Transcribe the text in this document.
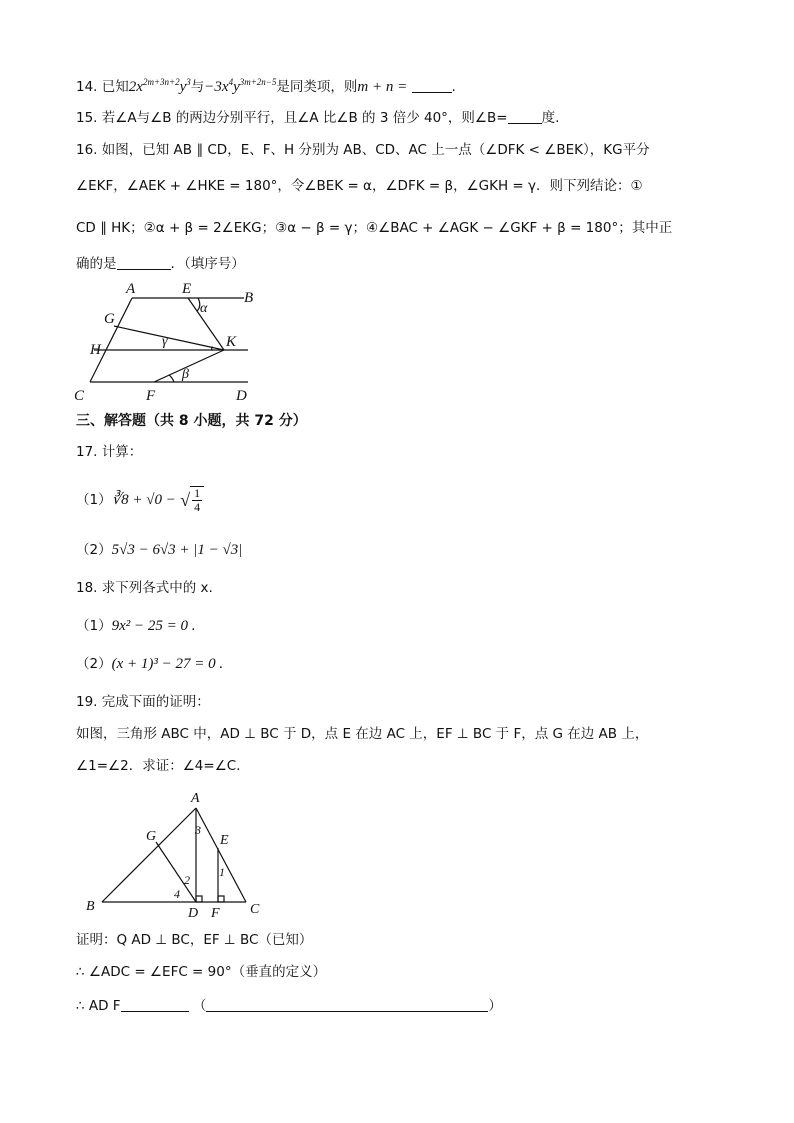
14. 已知$2x^{2m+3n+2}y^3$与$-3x^4y^{3m+2n-5}$是同类项，则m + n =	.
15. 若∠A与∠B 的两边分别平行，且∠A 比∠B 的 3 倍少 40°，则∠B=	度.
16. 如图，已知 AB ∥ CD，E、F、H 分别为 AB、CD、AC 上一点（∠DFK < ∠BEK），KG平分
∠EKF，∠AEK + ∠HKE = 180°，令∠BEK = α，∠DFK = β，∠GKH = γ．则下列结论：①
CD ∥ HK；②α + β = 2∠EKG；③α − β = γ；④∠BAC + ∠AGK − ∠GKF + β = 180°；其中正
确的是	．（填序号）
A	E
B
G
H	K
C	F	D
α
β
γ
三、解答题（共 8 小题，共 72 分）
17. 计算：
（1）∛8 + √0 − √ $\frac{1}{4}$
（2）5√3 − 6√3 + |1 − √3|
18. 求下列各式中的 x.
（1）9x² − 25 = 0 .
（2）(x + 1)³ − 27 = 0 .
19. 完成下面的证明：
如图，三角形 ABC 中，AD ⊥ BC 于 D，点 E 在边 AC 上，EF ⊥ BC 于 F，点 G 在边 AB 上，
∠1=∠2．求证：∠4=∠C．
A
G	E
B	D F C
1
2
3
4
证明：Q AD ⊥ BC，EF ⊥ BC（已知）
∴ ∠ADC = ∠EFC = 90°（垂直的定义）
∴ AD F	（	）
